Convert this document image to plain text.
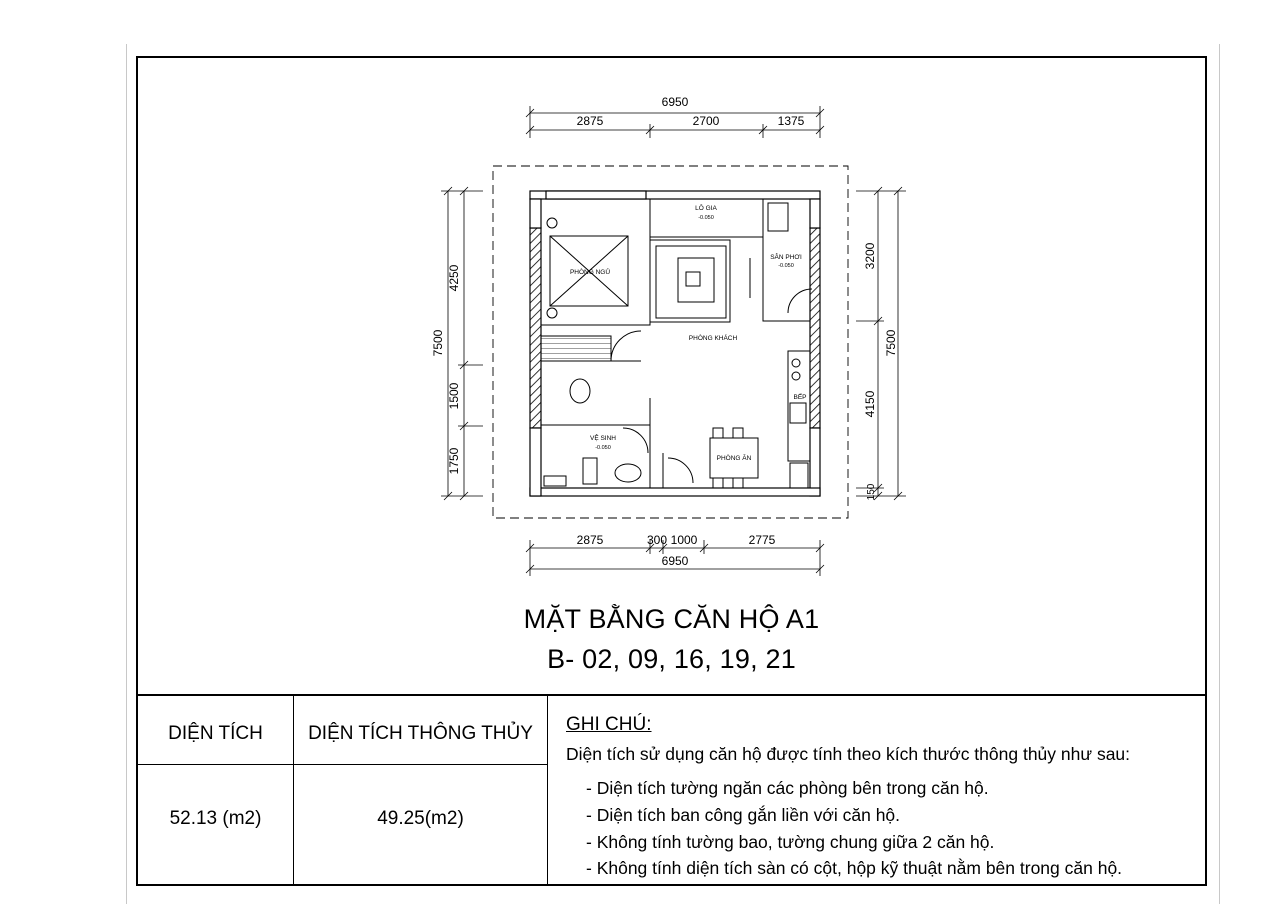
6950
2875	2700	1375
2875	300 1000	2775
6950
7500
4250
1500
1750
3200
4150
150
7500
LÔ GIA
-0.050
PHÒNG NGỦ
SÂN PHƠI
-0.050
PHÒNG KHÁCH
BẾP
VỆ SINH
-0.050
PHÒNG ĂN
MẶT BẰNG CĂN HỘ A1
B- 02, 09, 16, 19, 21
DIỆN TÍCH	DIỆN TÍCH THÔNG THỦY
52.13 (m2)	49.25(m2)
GHI CHÚ:
Diện tích sử dụng căn hộ được tính theo kích thước thông thủy như sau:
- Diện tích tường ngăn các phòng bên trong căn hộ.
- Diện tích ban công gắn liền với căn hộ.
- Không tính tường bao, tường chung giữa 2 căn hộ.
- Không tính diện tích sàn có cột, hộp kỹ thuật nằm bên trong căn hộ.
